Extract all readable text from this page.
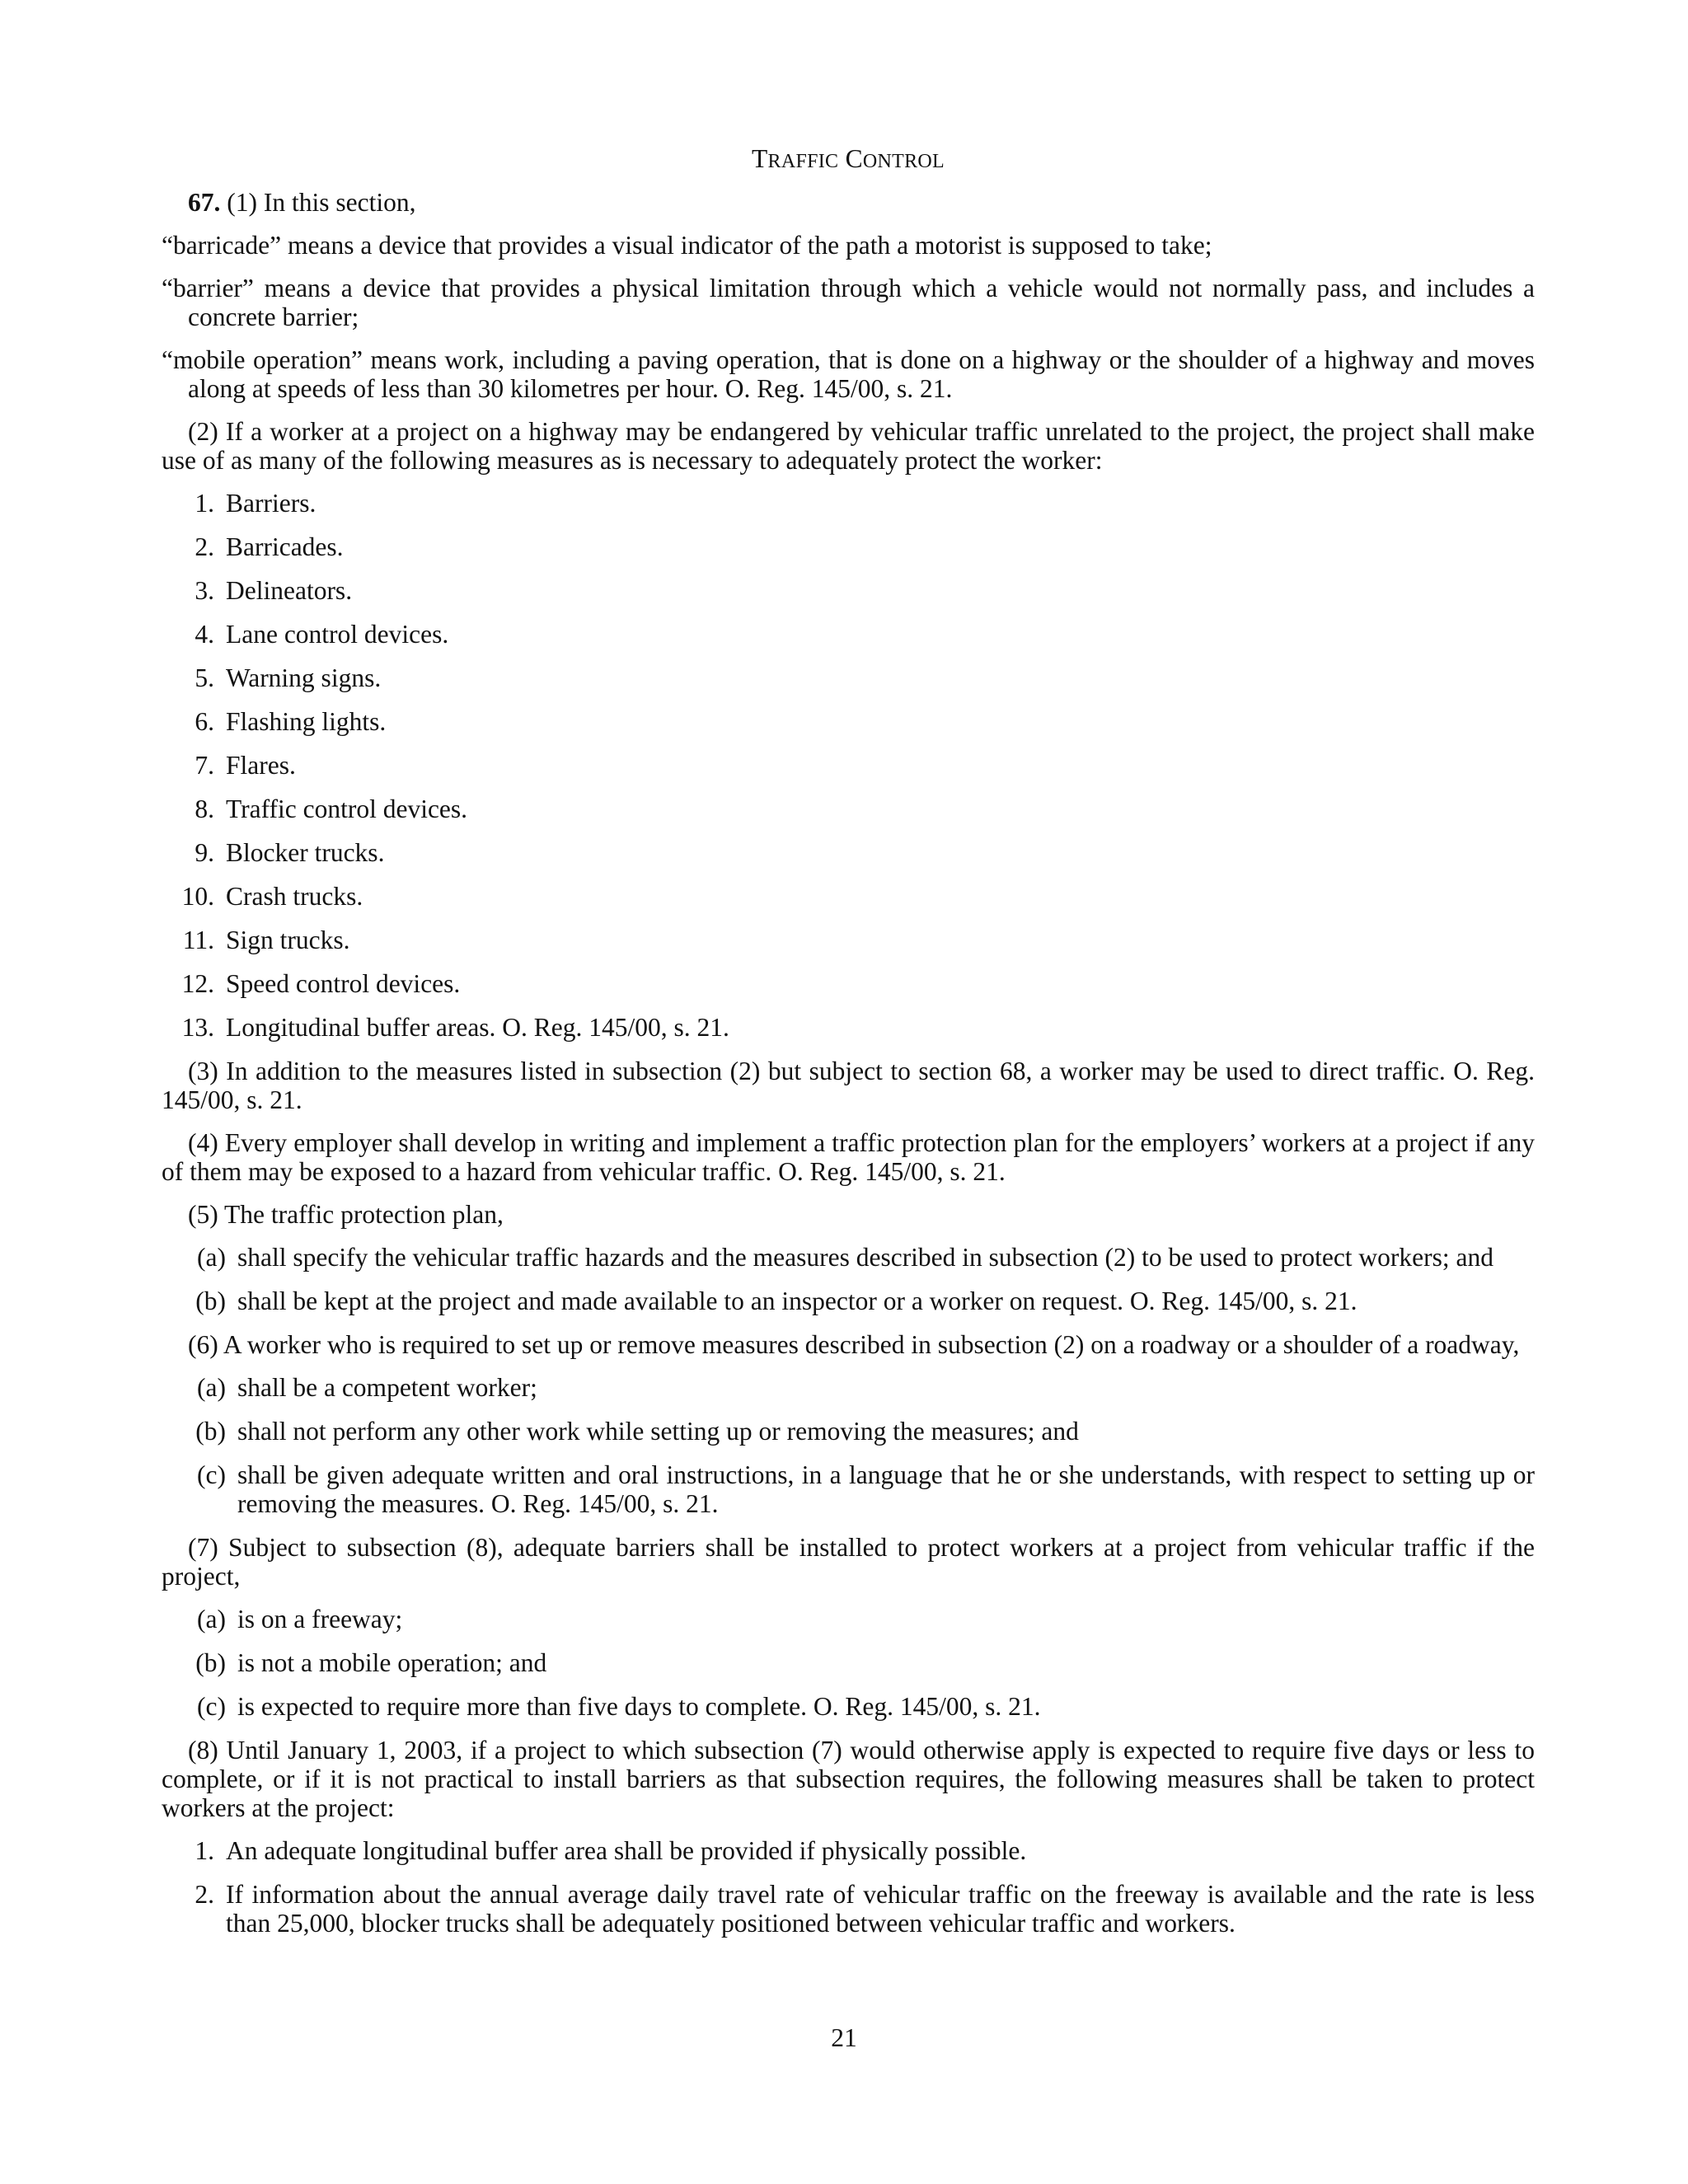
TRAFFIC CONTROL

67. (1) In this section,

“barricade” means a device that provides a visual indicator of the path a motorist is supposed to take;

“barrier” means a device that provides a physical limitation through which a vehicle would not normally pass, and includes a concrete barrier;

“mobile operation” means work, including a paving operation, that is done on a highway or the shoulder of a highway and moves along at speeds of less than 30 kilometres per hour. O. Reg. 145/00, s. 21.

(2) If a worker at a project on a highway may be endangered by vehicular traffic unrelated to the project, the project shall make use of as many of the following measures as is necessary to adequately protect the worker:

1. Barriers.
2. Barricades.
3. Delineators.
4. Lane control devices.
5. Warning signs.
6. Flashing lights.
7. Flares.
8. Traffic control devices.
9. Blocker trucks.
10. Crash trucks.
11. Sign trucks.
12. Speed control devices.
13. Longitudinal buffer areas. O. Reg. 145/00, s. 21.

(3) In addition to the measures listed in subsection (2) but subject to section 68, a worker may be used to direct traffic. O. Reg. 145/00, s. 21.

(4) Every employer shall develop in writing and implement a traffic protection plan for the employers’ workers at a project if any of them may be exposed to a hazard from vehicular traffic. O. Reg. 145/00, s. 21.

(5) The traffic protection plan,

(a) shall specify the vehicular traffic hazards and the measures described in subsection (2) to be used to protect workers; and
(b) shall be kept at the project and made available to an inspector or a worker on request. O. Reg. 145/00, s. 21.

(6) A worker who is required to set up or remove measures described in subsection (2) on a roadway or a shoulder of a roadway,

(a) shall be a competent worker;
(b) shall not perform any other work while setting up or removing the measures; and
(c) shall be given adequate written and oral instructions, in a language that he or she understands, with respect to setting up or removing the measures. O. Reg. 145/00, s. 21.

(7) Subject to subsection (8), adequate barriers shall be installed to protect workers at a project from vehicular traffic if the project,

(a) is on a freeway;
(b) is not a mobile operation; and
(c) is expected to require more than five days to complete. O. Reg. 145/00, s. 21.

(8) Until January 1, 2003, if a project to which subsection (7) would otherwise apply is expected to require five days or less to complete, or if it is not practical to install barriers as that subsection requires, the following measures shall be taken to protect workers at the project:

1. An adequate longitudinal buffer area shall be provided if physically possible.
2. If information about the annual average daily travel rate of vehicular traffic on the freeway is available and the rate is less than 25,000, blocker trucks shall be adequately positioned between vehicular traffic and workers.
21
